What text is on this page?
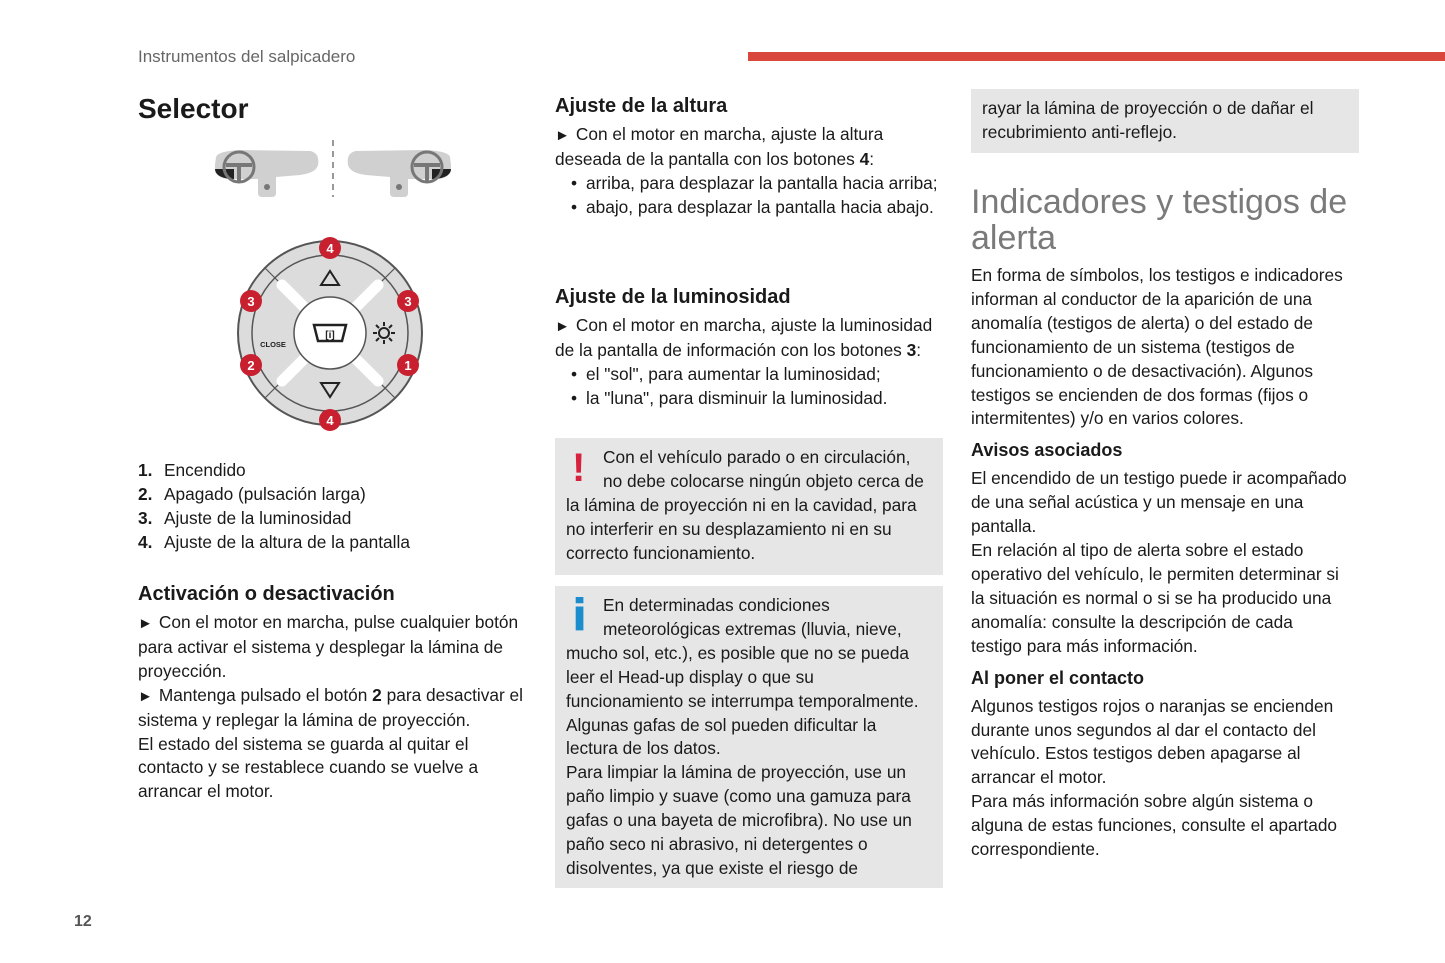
Instrumentos del salpicadero
12
Selector
[i]
CLOSE
4
3	3
2	1
4
1. Encendido
2. Apagado (pulsación larga)
3. Ajuste de la luminosidad
4. Ajuste de la altura de la pantalla
Activación o desactivación

► Con el motor en marcha, pulse cualquier botón para activar el sistema y desplegar la lámina de proyección.

► Mantenga pulsado el botón 2 para desactivar el sistema y replegar la lámina de proyección.

El estado del sistema se guarda al quitar el contacto y se restablece cuando se vuelve a arrancar el motor.

Ajuste de la altura

► Con el motor en marcha, ajuste la altura deseada de la pantalla con los botones 4:

• arriba, para desplazar la pantalla hacia arriba;
• abajo, para desplazar la pantalla hacia abajo.
Ajuste de la luminosidad

► Con el motor en marcha, ajuste la luminosidad de la pantalla de información con los botones 3:

• el "sol", para aumentar la luminosidad;
• la "luna", para disminuir la luminosidad.
!	Con el vehículo parado o en circulación, no debe colocarse ningún objeto cerca de la lámina de proyección ni en la cavidad, para no interferir en su desplazamiento ni en su correcto funcionamiento.

i En determinadas condiciones meteorológicas extremas (lluvia, nieve, mucho sol, etc.), es posible que no se pueda leer el Head-up display o que su funcionamiento se interrumpa temporalmente.

Algunas gafas de sol pueden dificultar la lectura de los datos.

Para limpiar la lámina de proyección, use un paño limpio y suave (como una gamuza para gafas o una bayeta de microfibra). No use un paño seco ni abrasivo, ni detergentes o disolventes, ya que existe el riesgo de

rayar la lámina de proyección o de dañar el recubrimiento anti-reflejo.

Indicadores y testigos de alerta

En forma de símbolos, los testigos e indicadores informan al conductor de la aparición de una anomalía (testigos de alerta) o del estado de funcionamiento de un sistema (testigos de funcionamiento o de desactivación). Algunos testigos se encienden de dos formas (fijos o intermitentes) y/o en varios colores.

Avisos asociados

El encendido de un testigo puede ir acompañado de una señal acústica y un mensaje en una pantalla.

En relación al tipo de alerta sobre el estado operativo del vehículo, le permiten determinar si la situación es normal o si se ha producido una anomalía: consulte la descripción de cada testigo para más información.

Al poner el contacto

Algunos testigos rojos o naranjas se encienden durante unos segundos al dar el contacto del vehículo. Estos testigos deben apagarse al arrancar el motor.

Para más información sobre algún sistema o alguna de estas funciones, consulte el apartado correspondiente.
